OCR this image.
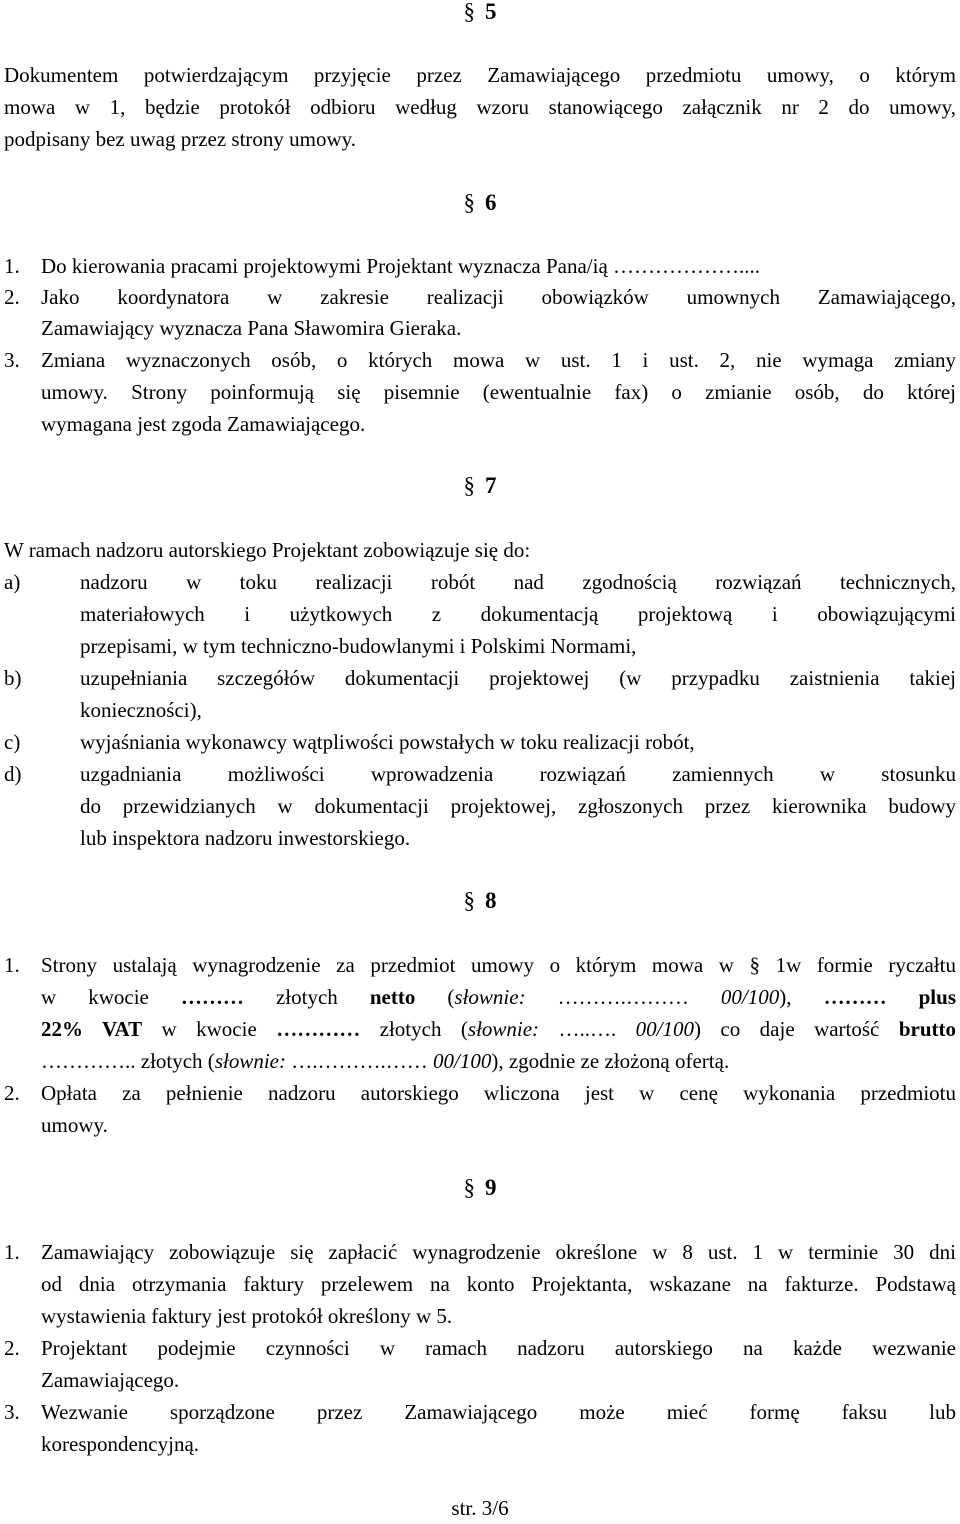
§ 5
Dokumentem potwierdzającym przyjęcie przez Zamawiającego przedmiotu umowy, o którym
mowa w 1, będzie protokół odbioru według wzoru stanowiącego załącznik nr 2 do umowy,
podpisany bez uwag przez strony umowy.
§ 6
1. Do kierowania pracami projektowymi Projektant wyznacza Pana/ią ………………....
2. Jako koordynatora w zakresie realizacji obowiązków umownych Zamawiającego,
Zamawiający wyznacza Pana Sławomira Gieraka.
3. Zmiana wyznaczonych osób, o których mowa w ust. 1 i ust. 2, nie wymaga zmiany
umowy. Strony poinformują się pisemnie (ewentualnie fax) o zmianie osób, do której
wymagana jest zgoda Zamawiającego.
§ 7
W ramach nadzoru autorskiego Projektant zobowiązuje się do:
a)	nadzoru w toku realizacji robót nad zgodnością rozwiązań technicznych,
materiałowych i użytkowych z dokumentacją projektową i obowiązującymi
przepisami, w tym techniczno-budowlanymi i Polskimi Normami,
b)	uzupełniania szczegółów dokumentacji projektowej (w przypadku zaistnienia takiej
konieczności),
c)	wyjaśniania wykonawcy wątpliwości powstałych w toku realizacji robót,
d)	uzgadniania możliwości wprowadzenia rozwiązań zamiennych w stosunku
do przewidzianych w dokumentacji projektowej, zgłoszonych przez kierownika budowy
lub inspektora nadzoru inwestorskiego.
§ 8
1. Strony ustalają wynagrodzenie za przedmiot umowy o którym mowa w § 1w formie ryczałtu
w kwocie ……… złotych netto (słownie: ……….……… 00/100), ……… plus
22% VAT w kwocie ………… złotych (słownie: …..…. 00/100) co daje wartość brutto
………….. złotych (słownie: ….……….…… 00/100), zgodnie ze złożoną ofertą.
2. Opłata za pełnienie nadzoru autorskiego wliczona jest w cenę wykonania przedmiotu
umowy.
§ 9
1. Zamawiający zobowiązuje się zapłacić wynagrodzenie określone w 8 ust. 1 w terminie 30 dni
od dnia otrzymania faktury przelewem na konto Projektanta, wskazane na fakturze. Podstawą
wystawienia faktury jest protokół określony w 5.
2. Projektant podejmie czynności w ramach nadzoru autorskiego na każde wezwanie
Zamawiającego.
3. Wezwanie sporządzone przez Zamawiającego może mieć formę faksu lub
korespondencyjną.
str. 3/6
